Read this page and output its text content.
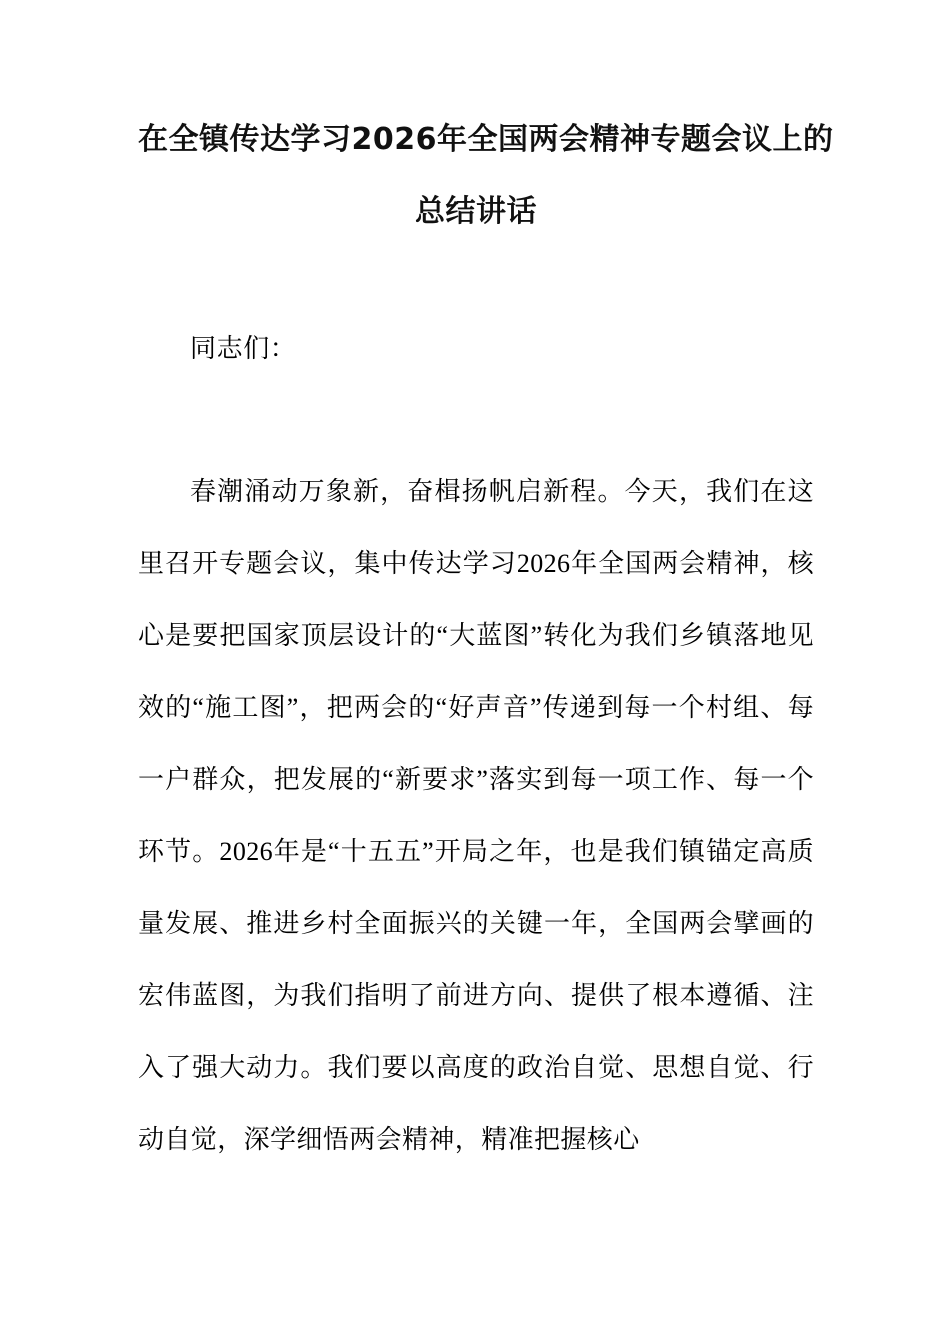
在全镇传达学习2026年全国两会精神专题会议上的
总结讲话

同志们：

春潮涌动万象新，奋楫扬帆启新程。今天，我们在这里召开专题会议，集中传达学习2026年全国两会精神，核心是要把国家顶层设计的“大蓝图”转化为我们乡镇落地见效的“施工图”，把两会的“好声音”传递到每一个村组、每一户群众，把发展的“新要求”落实到每一项工作、每一个环节。2026年是“十五五”开局之年，也是我们镇锚定高质量发展、推进乡村全面振兴的关键一年，全国两会擘画的宏伟蓝图，为我们指明了前进方向、提供了根本遵循、注入了强大动力。我们要以高度的政治自觉、思想自觉、行动自觉，深学细悟两会精神，精准把握核心
